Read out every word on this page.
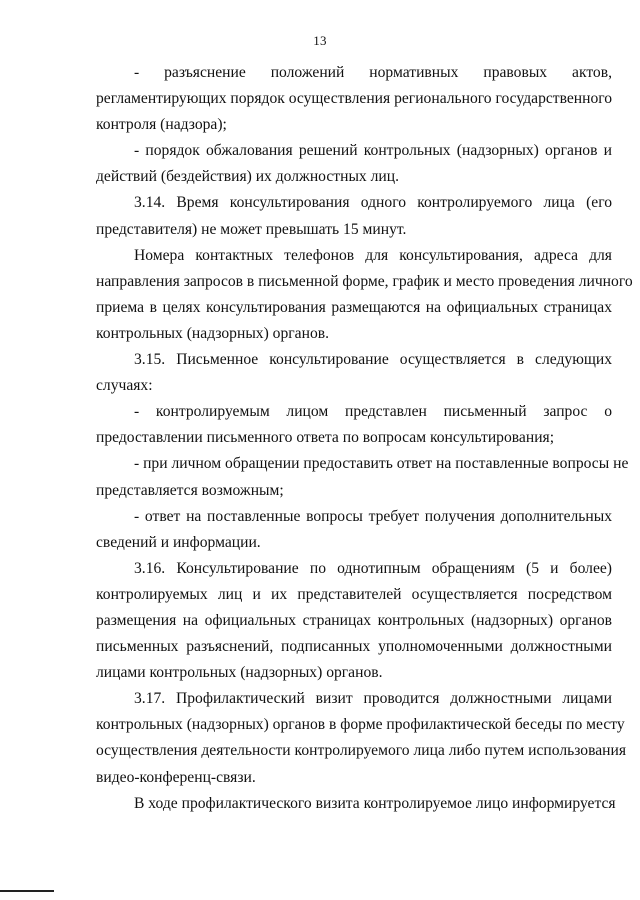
13
- разъяснение положений нормативных правовых актов,
регламентирующих порядок осуществления регионального государственного
контроля (надзора);
- порядок обжалования решений контрольных (надзорных) органов и
действий (бездействия) их должностных лиц.
3.14. Время консультирования одного контролируемого лица (его
представителя) не может превышать 15 минут.
Номера контактных телефонов для консультирования, адреса для
направления запросов в письменной форме, график и место проведения личного
приема в целях консультирования размещаются на официальных страницах
контрольных (надзорных) органов.
3.15. Письменное консультирование осуществляется в следующих
случаях:
- контролируемым лицом представлен письменный запрос о
предоставлении письменного ответа по вопросам консультирования;
- при личном обращении предоставить ответ на поставленные вопросы не
представляется возможным;
- ответ на поставленные вопросы требует получения дополнительных
сведений и информации.
3.16. Консультирование по однотипным обращениям (5 и более)
контролируемых лиц и их представителей осуществляется посредством
размещения на официальных страницах контрольных (надзорных) органов
письменных разъяснений, подписанных уполномоченными должностными
лицами контрольных (надзорных) органов.
3.17. Профилактический визит проводится должностными лицами
контрольных (надзорных) органов в форме профилактической беседы по месту
осуществления деятельности контролируемого лица либо путем использования
видео-конференц-связи.
В ходе профилактического визита контролируемое лицо информируется
